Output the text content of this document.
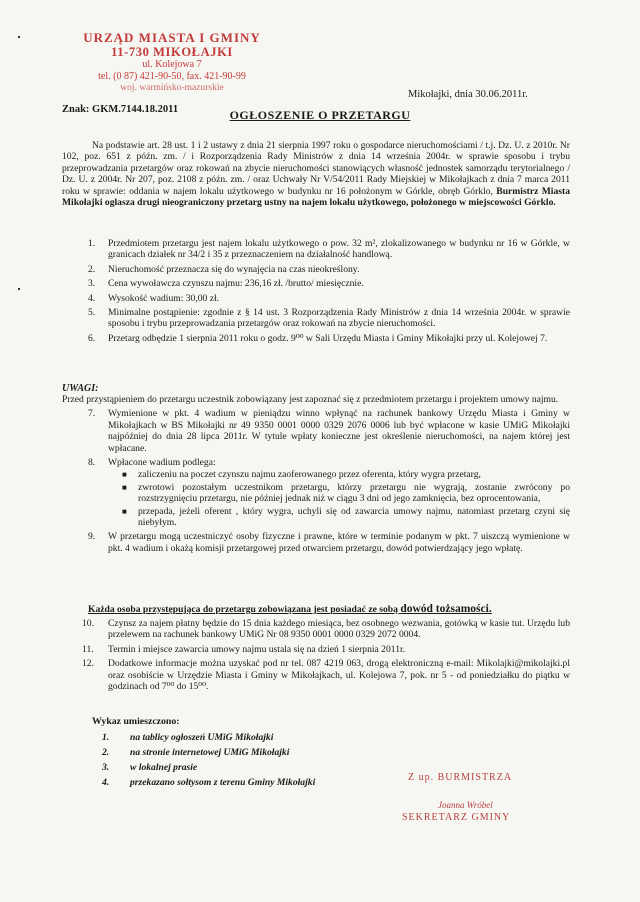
URZĄD MIASTA I GMINY
11-730 MIKOŁAJKI
ul. Kolejowa 7
tel. (0 87) 421-90-50, fax. 421-90-99
woj. warmińsko-mazurskie
Mikołajki, dnia 30.06.2011r.
Znak: GKM.7144.18.2011	OGŁOSZENIE O PRZETARGU
Na podstawie art. 28 ust. 1 i 2 ustawy z dnia 21 sierpnia 1997 roku o gospodarce nieruchomościami / t.j. Dz. U. z 2010r. Nr 102, poz. 651 z późn. zm. / i Rozporządzenia Rady Ministrów z dnia 14 września 2004r. w sprawie sposobu i trybu przeprowadzania przetargów oraz rokowań na zbycie nieruchomości stanowiących własność jednostek samorządu terytorialnego / Dz. U. z 2004r. Nr 207, poz. 2108 z późn. zm. / oraz Uchwały Nr V/54/2011 Rady Miejskiej w Mikołajkach z dnia 7 marca 2011 roku w sprawie: oddania w najem lokalu użytkowego w budynku nr 16 położonym w Górkle, obręb Górklo, Burmistrz Miasta Mikołajki ogłasza drugi nieograniczony przetarg ustny na najem lokalu użytkowego, położonego w miejscowości Górklo.
1. Przedmiotem przetargu jest najem lokalu użytkowego o pow. 32 m², zlokalizowanego w budynku nr 16 w Górkle, w granicach działek nr 34/2 i 35 z przeznaczeniem na działalność handlową.
2. Nieruchomość przeznacza się do wynajęcia na czas nieokreślony.
3. Cena wywoławcza czynszu najmu: 236,16 zł. /brutto/ miesięcznie.
4. Wysokość wadium: 30,00 zł.
5. Minimalne postąpienie: zgodnie z § 14 ust. 3 Rozporządzenia Rady Ministrów z dnia 14 września 2004r. w sprawie sposobu i trybu przeprowadzania przetargów oraz rokowań na zbycie nieruchomości.
6. Przetarg odbędzie 1 sierpnia 2011 roku o godz. 9⁰⁰ w Sali Urzędu Miasta i Gminy Mikołajki przy ul. Kolejowej 7.
UWAGI:
Przed przystąpieniem do przetargu uczestnik zobowiązany jest zapoznać się z przedmiotem przetargu i projektem umowy najmu.
7. Wymienione w pkt. 4 wadium w pieniądzu winno wpłynąć na rachunek bankowy Urzędu Miasta i Gminy w Mikołajkach w BS Mikołajki nr 49 9350 0001 0000 0329 2076 0006 lub być wpłacone w kasie UMiG Mikołajki najpóźniej do dnia 28 lipca 2011r. W tytule wpłaty konieczne jest określenie nieruchomości, na najem której jest wpłacane.
8. Wpłacone wadium podlega:
■ zaliczeniu na poczet czynszu najmu zaoferowanego przez oferenta, który wygra przetarg,
■ zwrotowi pozostałym uczestnikom przetargu, którzy przetargu nie wygrają, zostanie zwrócony po rozstrzygnięciu przetargu, nie później jednak niż w ciągu 3 dni od jego zamknięcia, bez oprocentowania,
■ przepada, jeżeli oferent , który wygra, uchyli się od zawarcia umowy najmu, natomiast przetarg czyni się niebyłym.
9. W przetargu mogą uczestniczyć osoby fizyczne i prawne, które w terminie podanym w pkt. 7 uiszczą wymienione w pkt. 4 wadium i okażą komisji przetargowej przed otwarciem przetargu, dowód potwierdzający jego wpłatę.
Każda osoba przystępująca do przetargu zobowiązana jest posiadać ze sobą dowód tożsamości.
10. Czynsz za najem płatny będzie do 15 dnia każdego miesiąca, bez osobnego wezwania, gotówką w kasie tut. Urzędu lub przelewem na rachunek bankowy UMiG Nr 08 9350 0001 0000 0329 2072 0004.
11. Termin i miejsce zawarcia umowy najmu ustala się na dzień 1 sierpnia 2011r.
12. Dodatkowe informacje można uzyskać pod nr tel. 087 4219 063, drogą elektroniczną e-mail: Mikolajki@mikolajki.pl oraz osobiście w Urzędzie Miasta i Gminy w Mikołajkach, ul. Kolejowa 7, pok. nr 5 - od poniedziałku do piątku w godzinach od 7⁰⁰ do 15⁰⁰.
Wykaz umieszczono:
1. na tablicy ogłoszeń UMiG Mikołajki
2. na stronie internetowej UMiG Mikołajki
3. w lokalnej prasie
4. przekazano sołtysom z terenu Gminy Mikołajki	Z up. BURMISTRZA
Joanna Wróbel
SEKRETARZ GMINY
